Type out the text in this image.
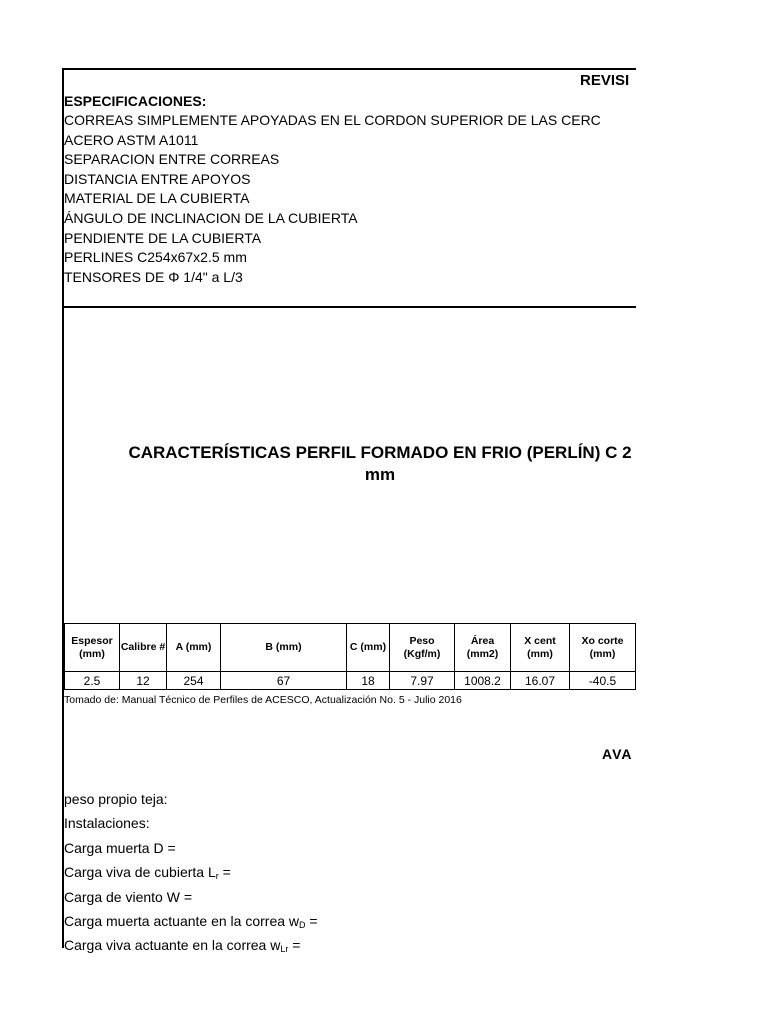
REVISI
ESPECIFICACIONES:
CORREAS SIMPLEMENTE APOYADAS EN EL CORDON SUPERIOR DE LAS CERC
ACERO ASTM A1011
SEPARACION ENTRE CORREAS
DISTANCIA ENTRE APOYOS
MATERIAL DE LA CUBIERTA
ÁNGULO DE INCLINACION DE LA CUBIERTA
PENDIENTE DE LA CUBIERTA
PERLINES C254x67x2.5 mm
TENSORES DE Φ 1/4" a L/3
CARACTERÍSTICAS PERFIL FORMADO EN FRIO (PERLÍN) C 2
mm
Espesor (mm)	Calibre #	A (mm)	B (mm)	C (mm)	Peso (Kgf/m)	Área (mm2)	X cent (mm)	Xo corte (mm)
2.5	12	254	67	18	7.97	1008.2	16.07	-40.5
Tomado de: Manual Técnico de Perfiles de ACESCO, Actualización No. 5 - Julio 2016
AVA
peso propio teja:
Instalaciones:
Carga muerta D =
Carga viva de cubierta $L_r$ =
Carga de viento W =
Carga muerta actuante en la correa $w_D$ =
Carga viva actuante en la correa $w_{Lr}$ =
